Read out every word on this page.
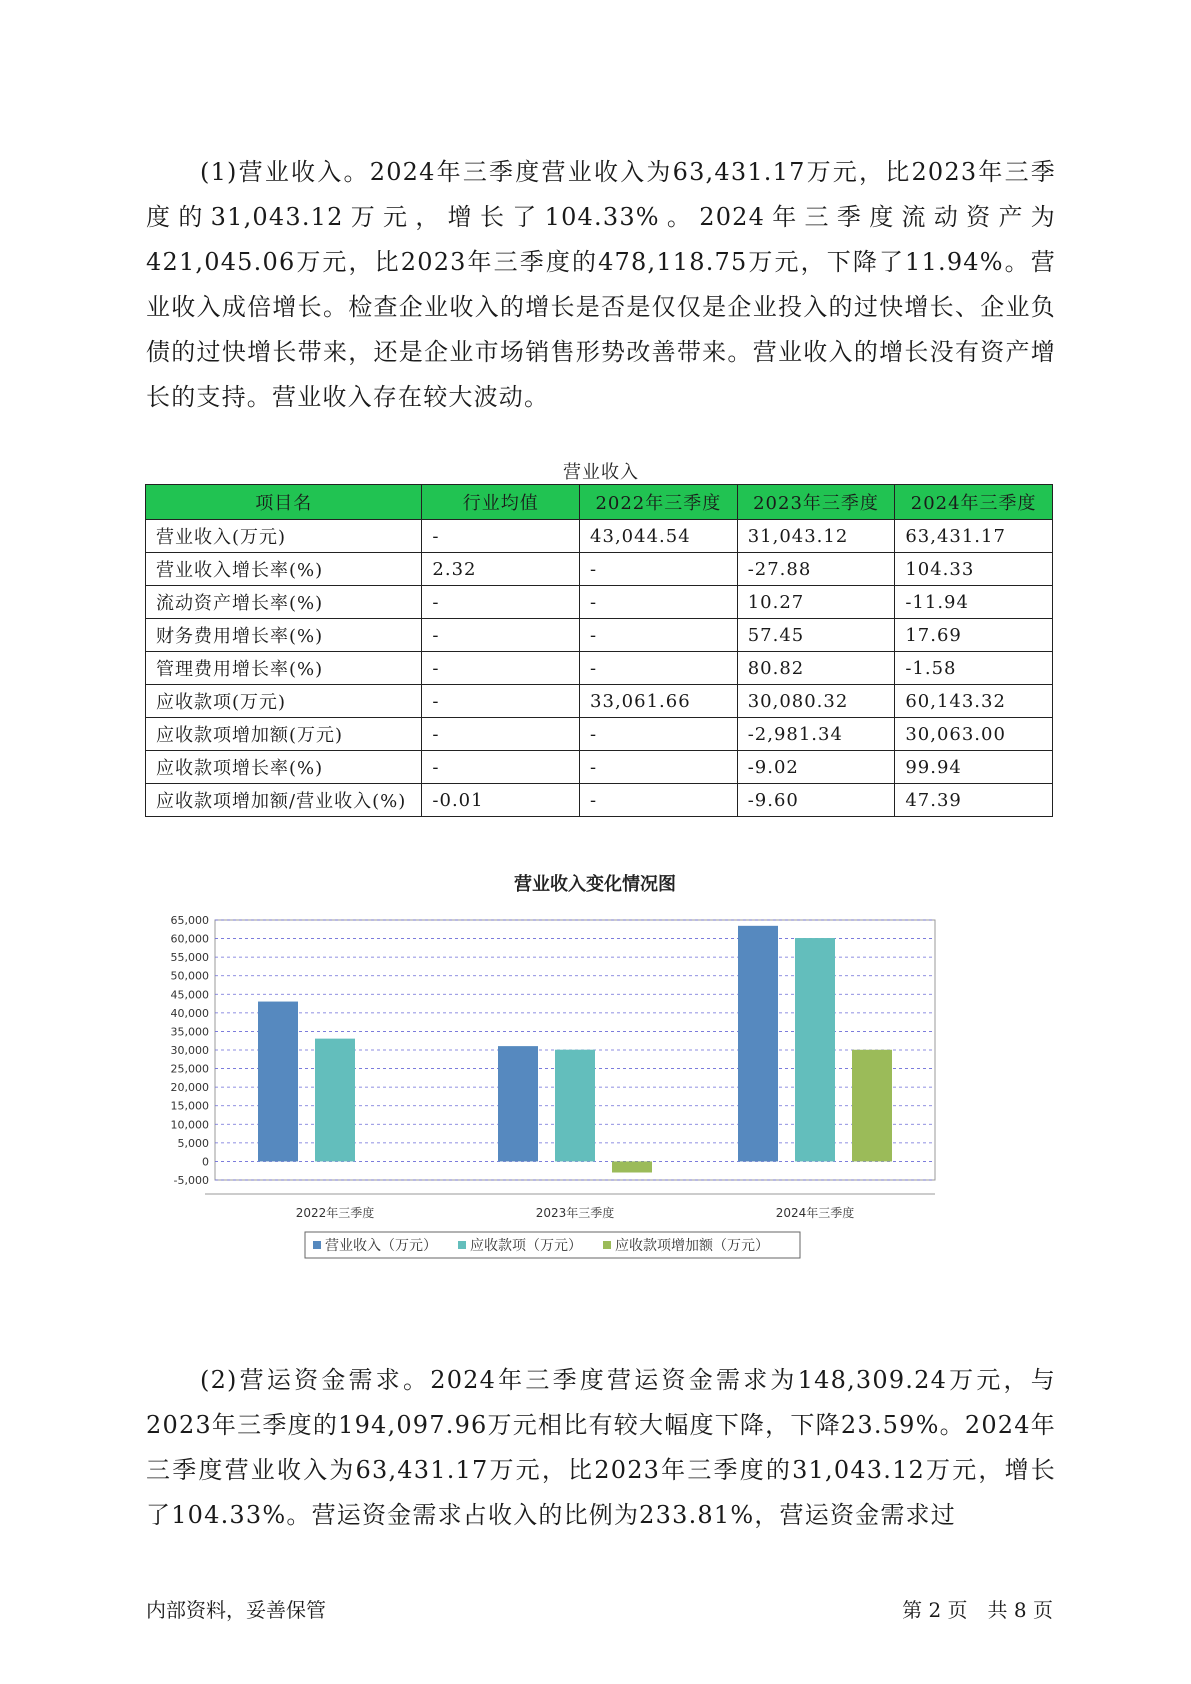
(1)营业收入。2024年三季度营业收入为63,431.17万元，比2023年三季度的31,043.12万元，增长了104.33%。2024年三季度流动资产为421,045.06万元，比2023年三季度的478,118.75万元，下降了11.94%。营业收入成倍增长。检查企业收入的增长是否是仅仅是企业投入的过快增长、企业负债的过快增长带来，还是企业市场销售形势改善带来。营业收入的增长没有资产增长的支持。营业收入存在较大波动。

营业收入
项目名	行业均值	2022年三季度	2023年三季度	2024年三季度
营业收入(万元)	-	43,044.54	31,043.12	63,431.17
营业收入增长率(%)	2.32	-	-27.88	104.33
流动资产增长率(%)	-	-	10.27	-11.94
财务费用增长率(%)	-	-	57.45	17.69
管理费用增长率(%)	-	-	80.82	-1.58
应收款项(万元)	-	33,061.66	30,080.32	60,143.32
应收款项增加额(万元)	-	-	-2,981.34	30,063.00
应收款项增长率(%)	-	-	-9.02	99.94
应收款项增加额/营业收入(%)	-0.01	-	-9.60	47.39
营业收入变化情况图
-5,000
0
5,000
10,000
15,000
20,000
25,000
30,000
35,000
40,000
45,000
50,000
55,000
60,000
65,000
2022年三季度	2023年三季度	2024年三季度
营业收入（万元） 应收款项（万元） 应收款项增加额（万元）
内部资料，妥善保管	第 2 页　共 8 页

(2)营运资金需求。2024年三季度营运资金需求为148,309.24万元，与2023年三季度的194,097.96万元相比有较大幅度下降，下降23.59%。2024年三季度营业收入为63,431.17万元，比2023年三季度的31,043.12万元，增长了104.33%。营运资金需求占收入的比例为233.81%，营运资金需求过
